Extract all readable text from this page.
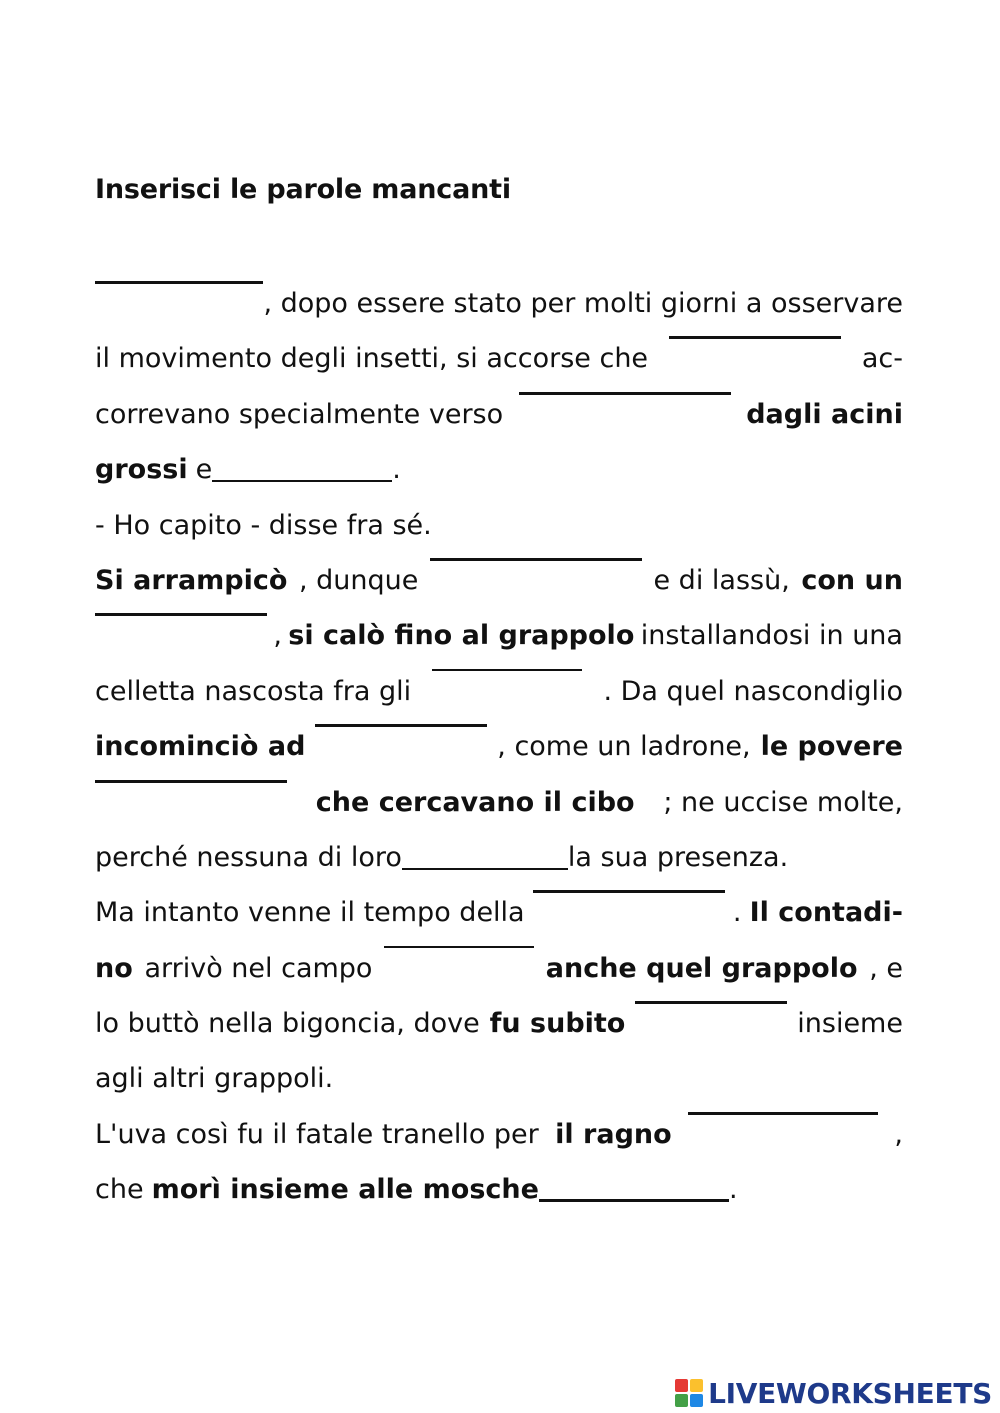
Inserisci le parole mancanti
, dopo essere stato per molti giorni a osservare
il movimento degli insetti, si accorse che	ac-
correvano specialmente verso	dagli acini
grossi e	.
- Ho capito - disse fra sé.
Si arrampicò , dunque	e di lassù, con un
, si calò fino al grappolo installandosi in una
celletta nascosta fra gli	. Da quel nascondiglio
incominciò ad	, come un ladrone, le povere
che cercavano il cibo ; ne uccise molte,
perché nessuna di loro	la sua presenza.
Ma intanto venne il tempo della	. Il contadi-
no arrivò nel campo	anche quel grappolo , e
lo buttò nella bigoncia, dove fu subito	insieme
agli altri grappoli.
L'uva così fu il fatale tranello per il ragno	,
che morì insieme alle mosche	.
LIVEWORKSHEETS
